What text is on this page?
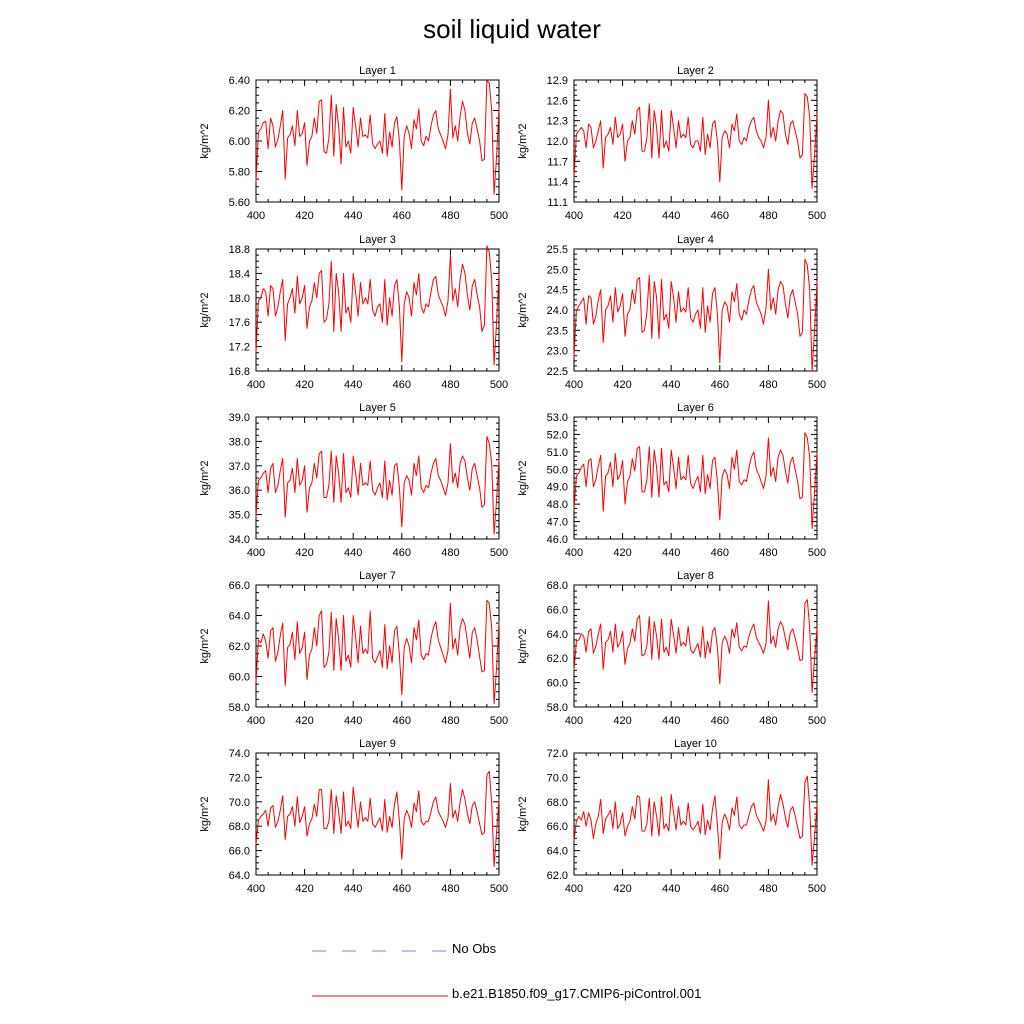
soil liquid water
Layer 1
kg/m^2
400	420	440	460	480	500
5.60
5.80
6.00
6.20
6.40
Layer 2
kg/m^2
400	420	440	460	480	500
11.1
11.4
11.7
12.0
12.3
12.6
12.9
Layer 3
kg/m^2
400	420	440	460	480	500
16.8
17.2
17.6
18.0
18.4
18.8
Layer 4
kg/m^2
400	420	440	460	480	500
22.5
23.0
23.5
24.0
24.5
25.0
25.5
Layer 5
kg/m^2
400	420	440	460	480	500
34.0
35.0
36.0
37.0
38.0
39.0
Layer 6
kg/m^2
400	420	440	460	480	500
46.0
47.0
48.0
49.0
50.0
51.0
52.0
53.0
Layer 7
kg/m^2
400	420	440	460	480	500
58.0
60.0
62.0
64.0
66.0
Layer 8
kg/m^2
400	420	440	460	480	500
58.0
60.0
62.0
64.0
66.0
68.0
Layer 9
kg/m^2
400	420	440	460	480	500
64.0
66.0
68.0
70.0
72.0
74.0
Layer 10
kg/m^2
400	420	440	460	480	500
62.0
64.0
66.0
68.0
70.0
72.0
No Obs
b.e21.B1850.f09_g17.CMIP6-piControl.001
